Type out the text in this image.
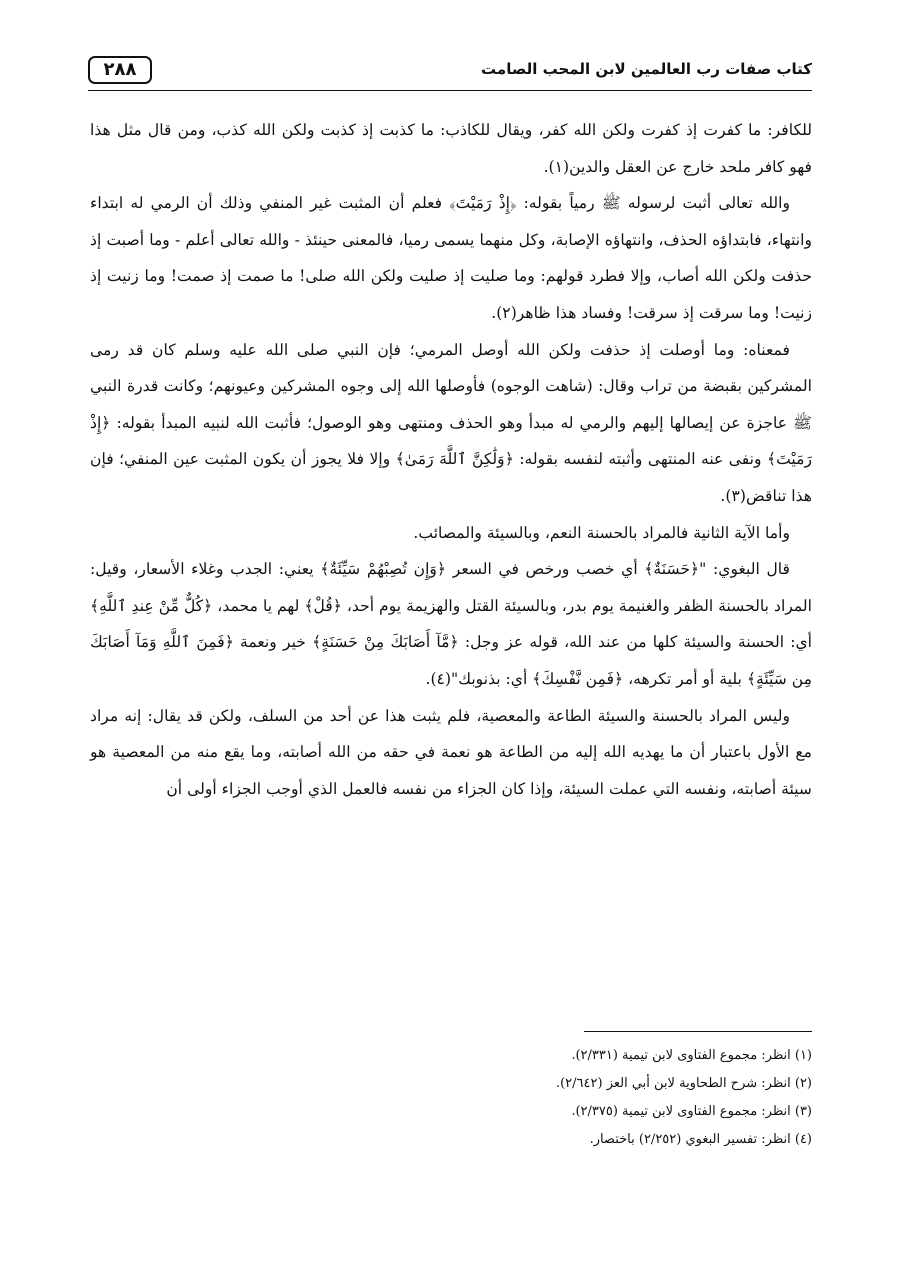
كتاب صفات رب العالمين لابن المحب الصامت
٢٨٨

للكافر: ما كفرت إذ كفرت ولكن الله كفر، ويقال للكاذب: ما كذبت إذ كذبت ولكن الله كذب، ومن قال مثل هذا فهو كافر ملحد خارج عن العقل والدين(١).

والله تعالى أثبت لرسوله ﷺ رمياً بقوله: ﴿إِذْ رَمَيْتَ﴾ فعلم أن المثبت غير المنفي وذلك أن الرمي له ابتداء وانتهاء، فابتداؤه الحذف، وانتهاؤه الإصابة، وكل منهما يسمى رميا، فالمعنى حينئذ - والله تعالى أعلم - وما أصبت إذ حذفت ولكن الله أصاب، وإلا فطرد قولهم: وما صليت إذ صليت ولكن الله صلى! ما صمت إذ صمت! وما زنيت إذ زنيت! وما سرقت إذ سرقت! وفساد هذا ظاهر(٢).

فمعناه: وما أوصلت إذ حذفت ولكن الله أوصل المرمي؛ فإن النبي صلى الله عليه وسلم كان قد رمى المشركين بقبضة من تراب وقال: (شاهت الوجوه) فأوصلها الله إلى وجوه المشركين وعيونهم؛ وكانت قدرة النبي ﷺ عاجزة عن إيصالها إليهم والرمي له مبدأ وهو الحذف ومنتهى وهو الوصول؛ فأثبت الله لنبيه المبدأ بقوله: ﴿إِذْ رَمَيْتَ﴾ ونفى عنه المنتهى وأثبته لنفسه بقوله: ﴿وَلَٰكِنَّ ٱللَّهَ رَمَىٰ﴾ وإلا فلا يجوز أن يكون المثبت عين المنفي؛ فإن هذا تناقض(٣).

وأما الآية الثانية فالمراد بالحسنة النعم، وبالسيئة والمصائب.

قال البغوي: "﴿حَسَنَةٌ﴾ أي خصب ورخص في السعر ﴿وَإِن تُصِبْهُمْ سَيِّئَةٌ﴾ يعني: الجدب وغلاء الأسعار، وقيل: المراد بالحسنة الظفر والغنيمة يوم بدر، وبالسيئة القتل والهزيمة يوم أحد، ﴿قُلْ﴾ لهم يا محمد، ﴿كُلٌّ مِّنْ عِندِ ٱللَّهِ﴾ أي: الحسنة والسيئة كلها من عند الله، قوله عز وجل: ﴿مَّآ أَصَابَكَ مِنْ حَسَنَةٍ﴾ خير ونعمة ﴿فَمِنَ ٱللَّهِ وَمَآ أَصَابَكَ مِن سَيِّئَةٍ﴾ بلية أو أمر تكرهه، ﴿فَمِن نَّفْسِكَ﴾ أي: بذنوبك"(٤).

وليس المراد بالحسنة والسيئة الطاعة والمعصية، فلم يثبت هذا عن أحد من السلف، ولكن قد يقال: إنه مراد مع الأول باعتبار أن ما يهديه الله إليه من الطاعة هو نعمة في حقه من الله أصابته، وما يقع منه من المعصية هو سيئة أصابته، ونفسه التي عملت السيئة، وإذا كان الجزاء من نفسه فالعمل الذي أوجب الجزاء أولى أن

(١) انظر: مجموع الفتاوى لابن تيمية (٢/٣٣١).

(٢) انظر: شرح الطحاوية لابن أبي العز (٢/٦٤٢).

(٣) انظر: مجموع الفتاوى لابن تيمية (٢/٣٧٥).

(٤) انظر: تفسير البغوي (٢/٢٥٢) باختصار.
